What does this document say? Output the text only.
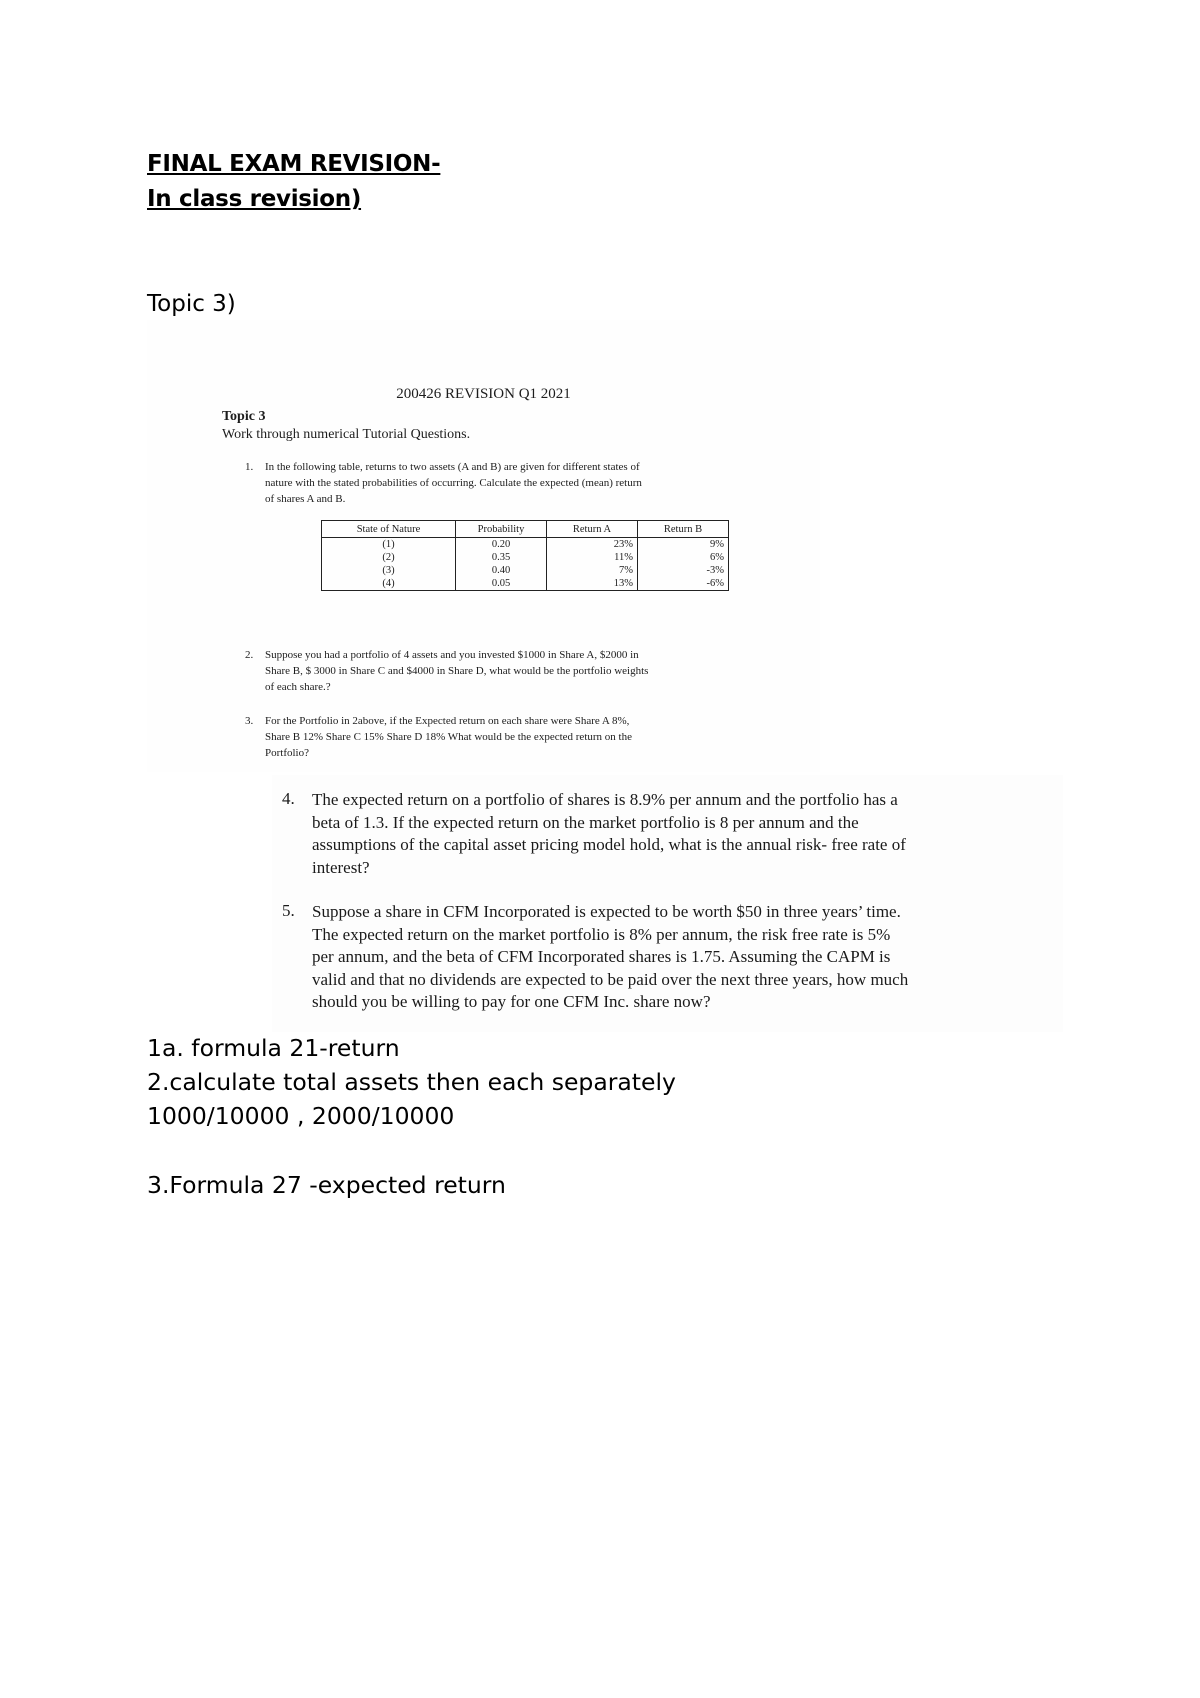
FINAL EXAM REVISION-
In class revision)
Topic 3)
200426 REVISION Q1 2021
Topic 3
Work through numerical Tutorial Questions.
1. In the following table, returns to two assets (A and B) are given for different states of
nature with the stated probabilities of occurring. Calculate the expected (mean) return
of shares A and B.
State of Nature	Probability	Return A	Return B
(1)	0.20	23%	9%
(2)	0.35	11%	6%
(3)	0.40	7%	-3%
(4)	0.05	13%	-6%
2. Suppose you had a portfolio of 4 assets and you invested $1000 in Share A, $2000 in
Share B, $ 3000 in Share C and $4000 in Share D, what would be the portfolio weights
of each share.?
3. For the Portfolio in 2above, if the Expected return on each share were Share A 8%,
Share B 12% Share C 15% Share D 18% What would be the expected return on the
Portfolio?
4. The expected return on a portfolio of shares is 8.9% per annum and the portfolio has a
beta of 1.3. If the expected return on the market portfolio is 8 per annum and the
assumptions of the capital asset pricing model hold, what is the annual risk- free rate of
interest?
5. Suppose a share in CFM Incorporated is expected to be worth $50 in three years’ time.
The expected return on the market portfolio is 8% per annum, the risk free rate is 5%
per annum, and the beta of CFM Incorporated shares is 1.75. Assuming the CAPM is
valid and that no dividends are expected to be paid over the next three years, how much
should you be willing to pay for one CFM Inc. share now?
1a. formula 21-return
2.calculate total assets then each separately
1000/10000 , 2000/10000
3.Formula 27 -expected return
